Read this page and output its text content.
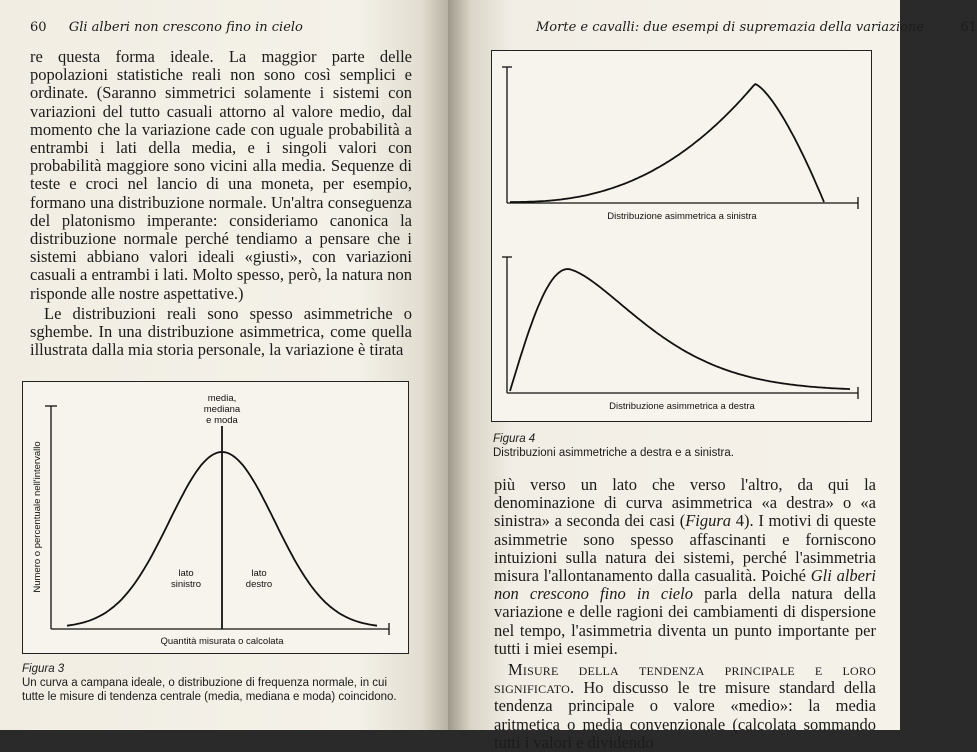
60 Gli alberi non crescono fino in cielo

re questa forma ideale. La maggior parte delle popolazioni statistiche reali non sono così semplici e ordinate. (Saranno simmetrici solamente i sistemi con variazioni del tutto casuali attorno al valore medio, dal momento che la variazione cade con uguale probabilità a entrambi i lati della media, e i singoli valori con probabilità maggiore sono vicini alla media. Sequenze di teste e croci nel lancio di una moneta, per esempio, formano una distribuzione normale. Un'altra conseguenza del platonismo imperante: consideriamo canonica la distribuzione normale perché tendiamo a pensare che i sistemi abbiano valori ideali «giusti», con variazioni casuali a entrambi i lati. Molto spesso, però, la natura non risponde alle nostre aspettative.)

Le distribuzioni reali sono spesso asimmetriche o sghembe. In una distribuzione asimmetrica, come quella illustrata dalla mia storia personale, la variazione è tirata

media,
mediana
e moda
lato
sinistro
lato
destro
Quantità misurata o calcolata
Numero o percentuale nell'intervallo
Figura 3
Un curva a campana ideale, o distribuzione di frequenza normale, in cui tutte le misure di tendenza centrale (media, mediana e moda) coincidono.
Morte e cavalli: due esempi di supremazia della variazione	61
Distribuzione asimmetrica a sinistra
Distribuzione asimmetrica a destra
Figura 4
Distribuzioni asimmetriche a destra e a sinistra.

più verso un lato che verso l'altro, da qui la denominazione di curva asimmetrica «a destra» o «a sinistra» a seconda dei casi (Figura 4). I motivi di queste asimmetrie sono spesso affascinanti e forniscono intuizioni sulla natura dei sistemi, perché l'asimmetria misura l'allontanamento dalla casualità. Poiché Gli alberi non crescono fino in cielo parla della natura della variazione e delle ragioni dei cambiamenti di dispersione nel tempo, l'asimmetria diventa un punto importante per tutti i miei esempi.

Misure della tendenza principale e loro significato. Ho discusso le tre misure standard della tendenza principale o valore «medio»: la media aritmetica o media convenzionale (calcolata sommando tutti i valori e dividendo
